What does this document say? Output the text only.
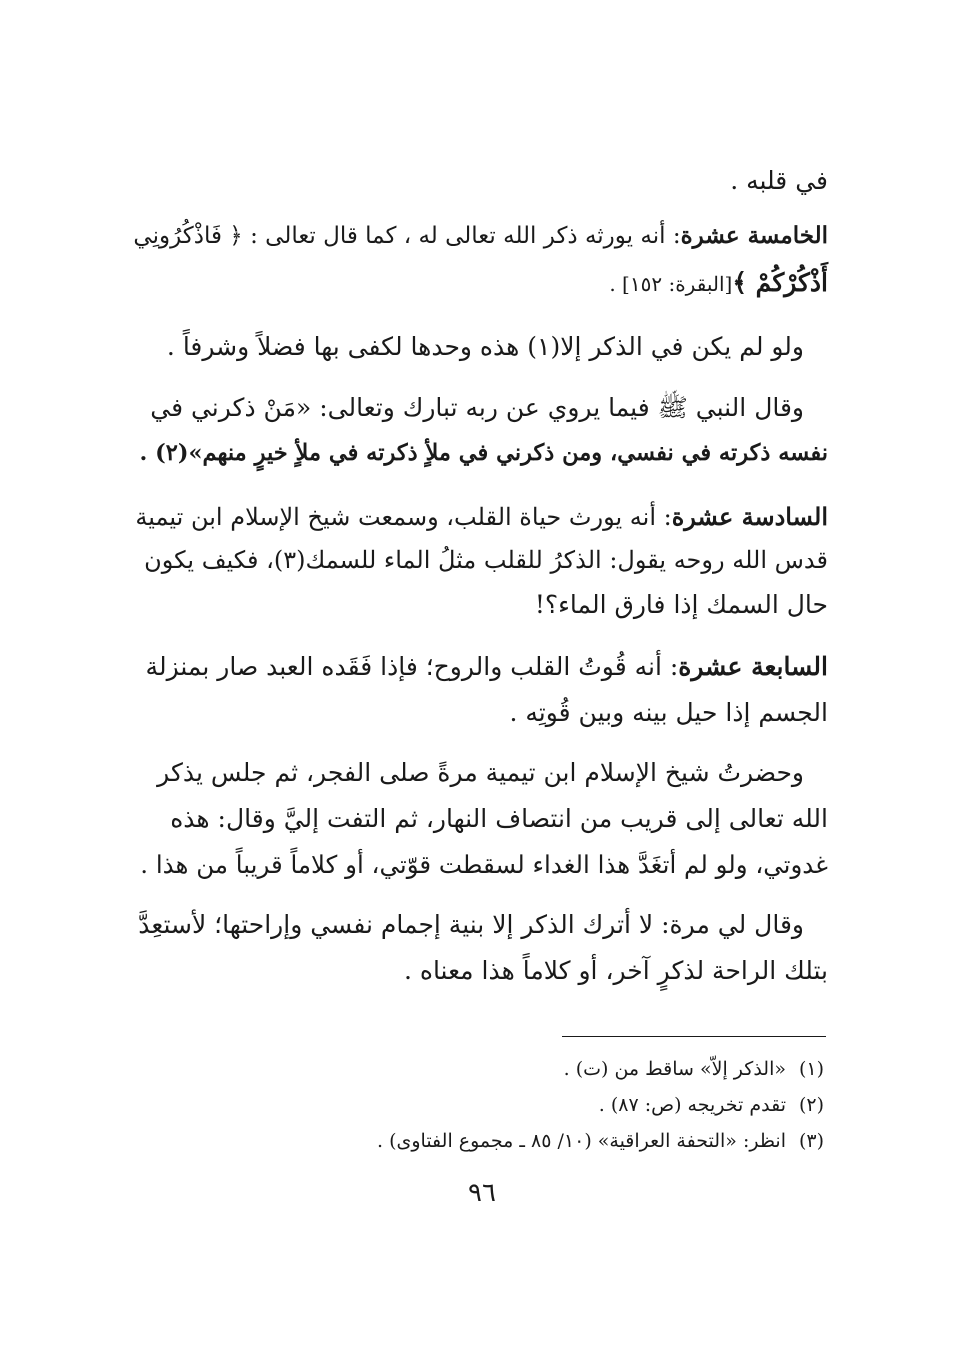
في قلبه .
الخامسة عشرة: أنه يورثه ذكر الله تعالى له ، كما قال تعالى : ﴿ فَاذْكُرُونِي
أَذْكُرْكُمْ ﴾[البقرة: ١٥٢] .
ولو لم يكن في الذكر إلا(١) هذه وحدها لكفى بها فضلاً وشرفاً .
وقال النبي ﷺ فيما يروي عن ربه تبارك وتعالى: «مَنْ ذكرني في
نفسه ذكرته في نفسي، ومن ذكرني في ملأٍ ذكرته في ملأٍ خيرٍ منهم»(٢) .
السادسة عشرة: أنه يورث حياة القلب، وسمعت شيخ الإسلام ابن تيمية
قدس الله روحه يقول: الذكرُ للقلب مثلُ الماء للسمك(٣)، فكيف يكون
حال السمك إذا فارق الماء؟!
السابعة عشرة: أنه قُوتُ القلب والروح؛ فإذا فَقَده العبد صار بمنزلة
الجسم إذا حيل بينه وبين قُوتِه .
وحضرتُ شيخ الإسلام ابن تيمية مرةً صلى الفجر، ثم جلس يذكر
الله تعالى إلى قريب من انتصاف النهار، ثم التفت إليَّ وقال: هذه
غدوتي، ولو لم أتغَدَّ هذا الغداء لسقطت قوّتي، أو كلاماً قريباً من هذا .
وقال لي مرة: لا أترك الذكر إلا بنية إجمام نفسي وإراحتها؛ لأستعِدَّ
بتلك الراحة لذكرٍ آخر، أو كلاماً هذا معناه .
(١)«الذكر إلاّ» ساقط من (ت) .
(٢)تقدم تخريجه (ص: ٨٧) .
(٣)انظر: «التحفة العراقية» (١٠/ ٨٥ ـ مجموع الفتاوى) .
٩٦
